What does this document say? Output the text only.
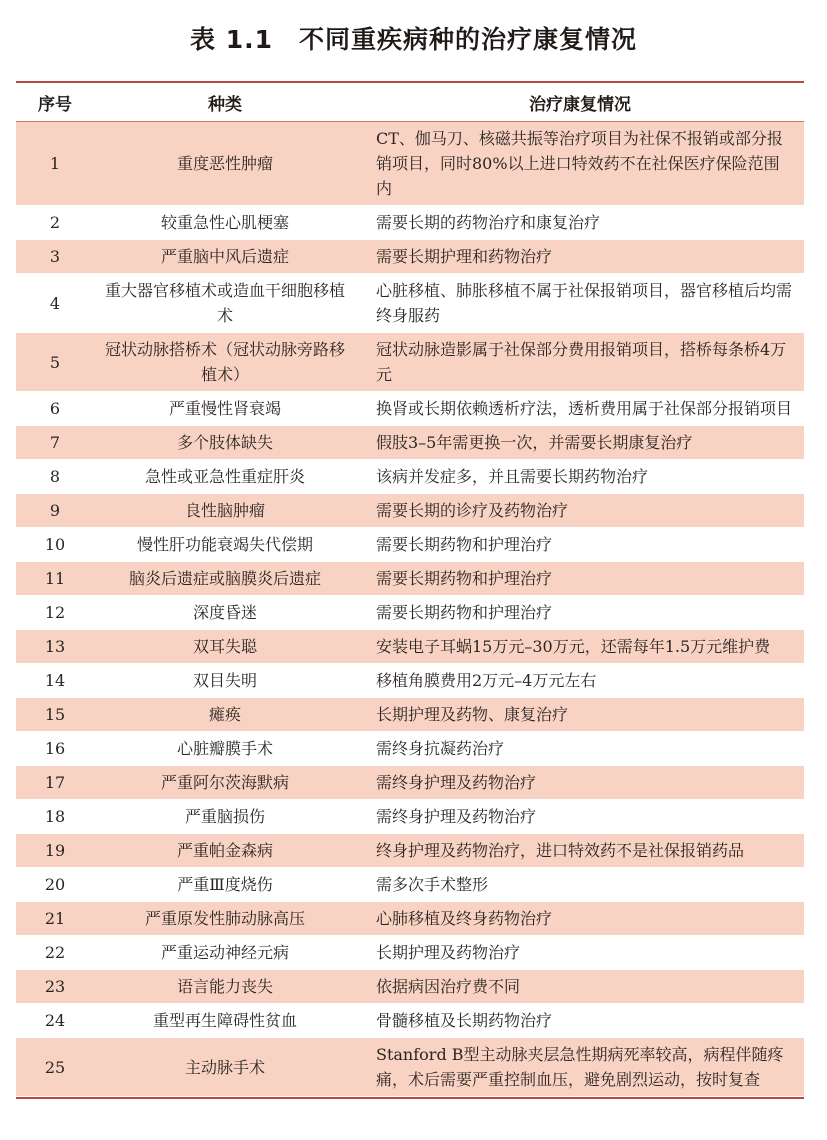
表 1.1 不同重疾病种的治疗康复情况
序号	种类	治疗康复情况
1	重度恶性肿瘤	CT、伽马刀、核磁共振等治疗项目为社保不报销或部分报销项目，同时80%以上进口特效药不在社保医疗保险范围内
2	较重急性心肌梗塞	需要长期的药物治疗和康复治疗
3	严重脑中风后遗症	需要长期护理和药物治疗
4	重大器官移植术或造血干细胞移植术	心脏移植、肺胀移植不属于社保报销项目，器官移植后均需终身服药
5	冠状动脉搭桥术（冠状动脉旁路移植术）	冠状动脉造影属于社保部分费用报销项目，搭桥每条桥4万元
6	严重慢性肾衰竭	换肾或长期依赖透析疗法，透析费用属于社保部分报销项目
7	多个肢体缺失	假肢3–5年需更换一次，并需要长期康复治疗
8	急性或亚急性重症肝炎	该病并发症多，并且需要长期药物治疗
9	良性脑肿瘤	需要长期的诊疗及药物治疗
10	慢性肝功能衰竭失代偿期	需要长期药物和护理治疗
11	脑炎后遗症或脑膜炎后遗症	需要长期药物和护理治疗
12	深度昏迷	需要长期药物和护理治疗
13	双耳失聪	安装电子耳蜗15万元–30万元，还需每年1.5万元维护费
14	双目失明	移植角膜费用2万元–4万元左右
15	瘫痪	长期护理及药物、康复治疗
16	心脏瓣膜手术	需终身抗凝药治疗
17	严重阿尔茨海默病	需终身护理及药物治疗
18	严重脑损伤	需终身护理及药物治疗
19	严重帕金森病	终身护理及药物治疗，进口特效药不是社保报销药品
20	严重Ⅲ度烧伤	需多次手术整形
21	严重原发性肺动脉高压	心肺移植及终身药物治疗
22	严重运动神经元病	长期护理及药物治疗
23	语言能力丧失	依据病因治疗费不同
24	重型再生障碍性贫血	骨髓移植及长期药物治疗
25	主动脉手术	Stanford B型主动脉夹层急性期病死率较高，病程伴随疼痛，术后需要严重控制血压，避免剧烈运动，按时复查
